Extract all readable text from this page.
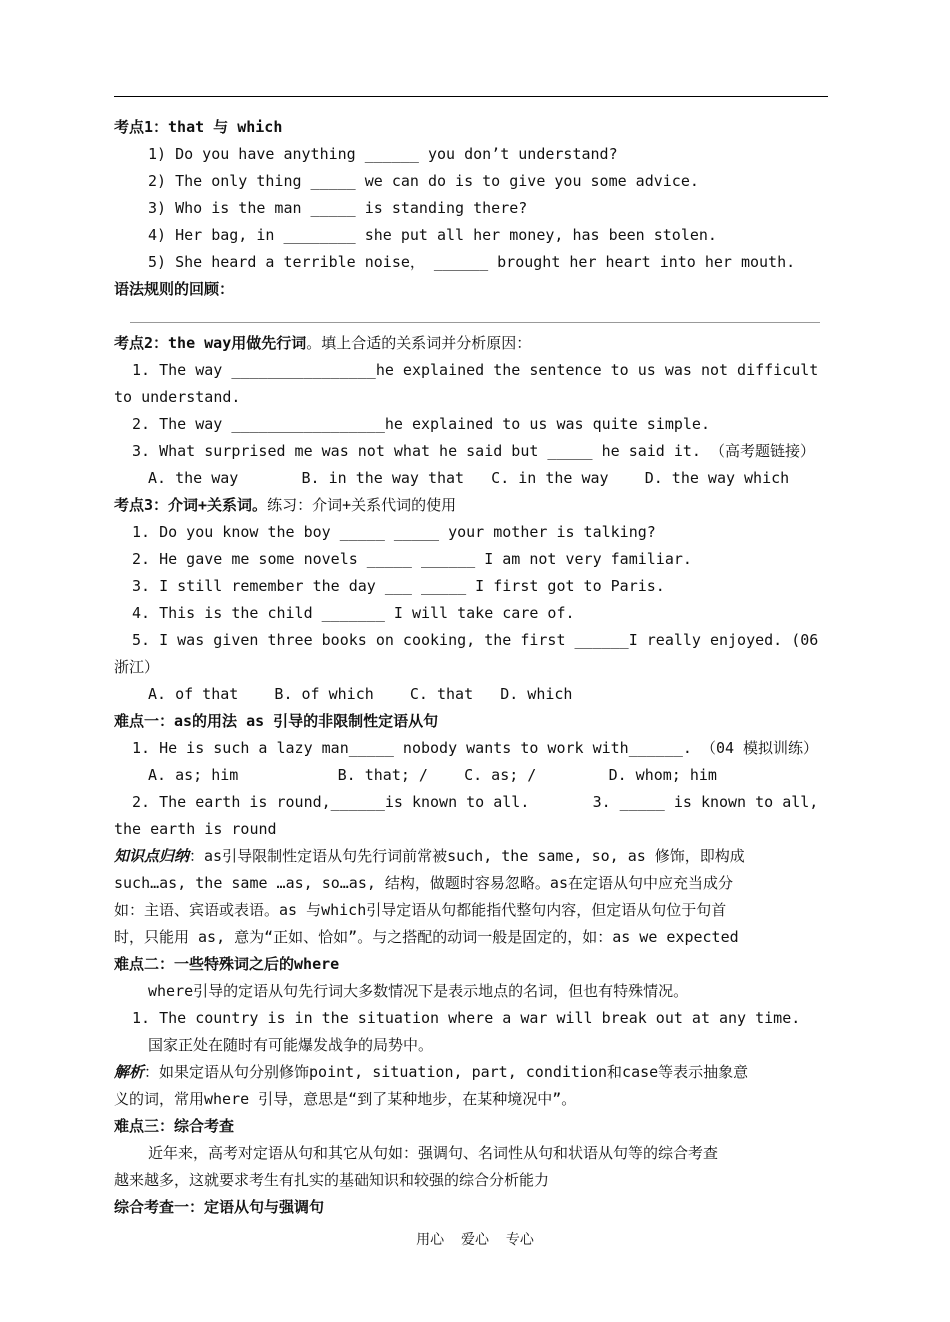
考点1：that 与 which
1) Do you have anything ______ you don’t understand?
2) The only thing _____ we can do is to give you some advice.
3) Who is the man _____ is standing there?
4) Her bag, in ________ she put all her money, has been stolen.
5) She heard a terrible noise， ______ brought her heart into her mouth.
语法规则的回顾：
考点2：the way用做先行词。填上合适的关系词并分析原因：
1. The way ________________he explained the sentence to us was not difficult
to understand.
2. The way _________________he explained to us was quite simple.
3. What surprised me was not what he said but _____ he said it. （高考题链接）
A. the way       B. in the way that   C. in the way    D. the way which
考点3：介词+关系词。练习：介词+关系代词的使用
1. Do you know the boy _____ _____ your mother is talking?
2. He gave me some novels _____ ______ I am not very familiar.
3. I still remember the day ___ _____ I first got to Paris.
4. This is the child _______ I will take care of.
5. I was given three books on cooking, the first ______I really enjoyed. (06
浙江）
A. of that    B. of which    C. that   D. which
难点一：as的用法 as 引导的非限制性定语从句
1. He is such a lazy man_____ nobody wants to work with______. （04 模拟训练）
A. as; him           B. that; /    C. as; /        D. whom; him
2. The earth is round,______is known to all.       3. _____ is known to all,
the earth is round
知识点归纳：as引导限制性定语从句先行词前常被such, the same, so, as 修饰，即构成
such…as, the same …as, so…as, 结构，做题时容易忽略。as在定语从句中应充当成分
如：主语、宾语或表语。as 与which引导定语从句都能指代整句内容，但定语从句位于句首
时，只能用 as, 意为“正如、恰如”。与之搭配的动词一般是固定的，如：as we expected
难点二：一些特殊词之后的where
where引导的定语从句先行词大多数情况下是表示地点的名词，但也有特殊情况。
1. The country is in the situation where a war will break out at any time.
国家正处在随时有可能爆发战争的局势中。
解析：如果定语从句分别修饰point, situation, part, condition和case等表示抽象意
义的词，常用where 引导，意思是“到了某种地步，在某种境况中”。
难点三：综合考查
近年来，高考对定语从句和其它从句如：强调句、名词性从句和状语从句等的综合考查
越来越多，这就要求考生有扎实的基础知识和较强的综合分析能力
综合考查一：定语从句与强调句
用心  爱心  专心
